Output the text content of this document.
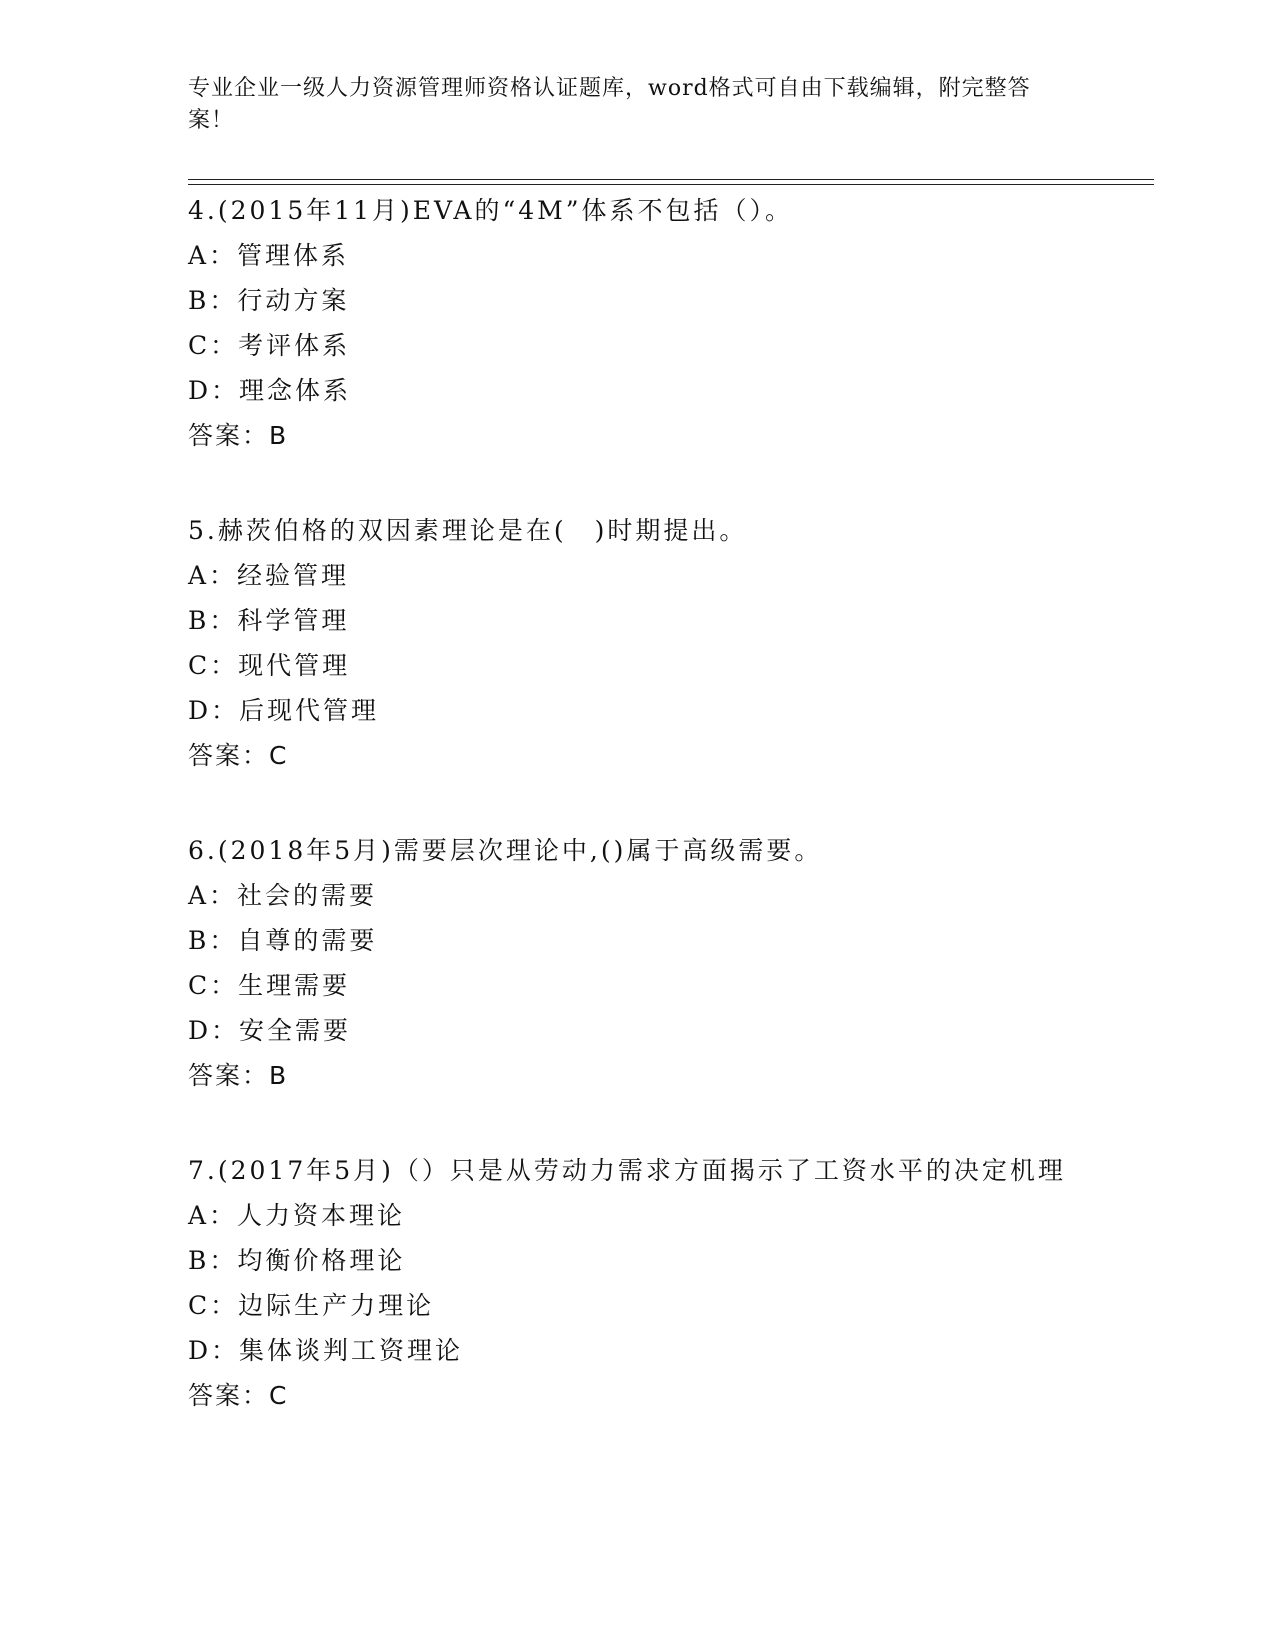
专业企业一级人力资源管理师资格认证题库，word格式可自由下载编辑，附完整答案！
4.(2015年11月)EVA的“4M”体系不包括（）。
A：管理体系
B：行动方案
C：考评体系
D：理念体系
答案：B
5.赫茨伯格的双因素理论是在(　)时期提出。
A：经验管理
B：科学管理
C：现代管理
D：后现代管理
答案：C
6.(2018年5月)需要层次理论中,()属于高级需要。
A：社会的需要
B：自尊的需要
C：生理需要
D：安全需要
答案：B
7.(2017年5月)（）只是从劳动力需求方面揭示了工资水平的决定机理
A：人力资本理论
B：均衡价格理论
C：边际生产力理论
D：集体谈判工资理论
答案：C
